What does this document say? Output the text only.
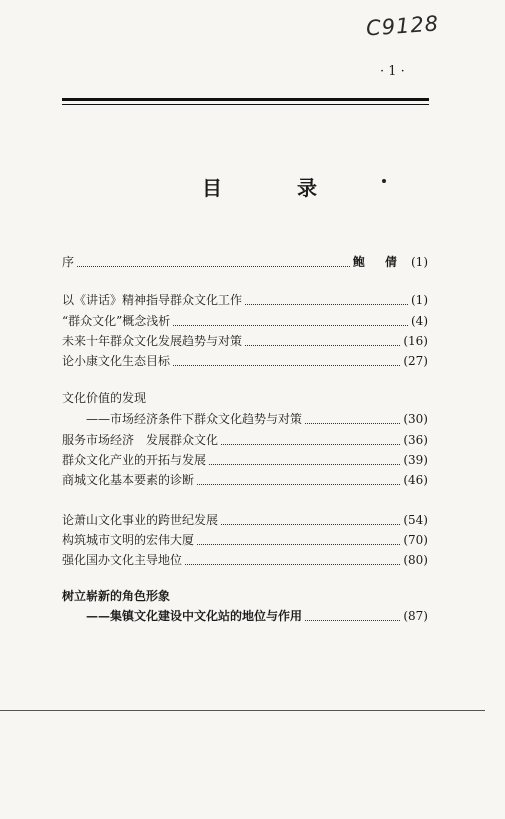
C9128
· 1 ·
目 录
序	鲍 倩 (1)
以《讲话》精神指导群众文化工作	(1)
“群众文化”概念浅析	(4)
未来十年群众文化发展趋势与对策	(16)
论小康文化生态目标	(27)
文化价值的发现
——市场经济条件下群众文化趋势与对策	(30)
服务市场经济　发展群众文化	(36)
群众文化产业的开拓与发展	(39)
商城文化基本要素的诊断	(46)
论萧山文化事业的跨世纪发展	(54)
构筑城市文明的宏伟大厦	(70)
强化国办文化主导地位	(80)
树立崭新的角色形象
——集镇文化建设中文化站的地位与作用	(87)
